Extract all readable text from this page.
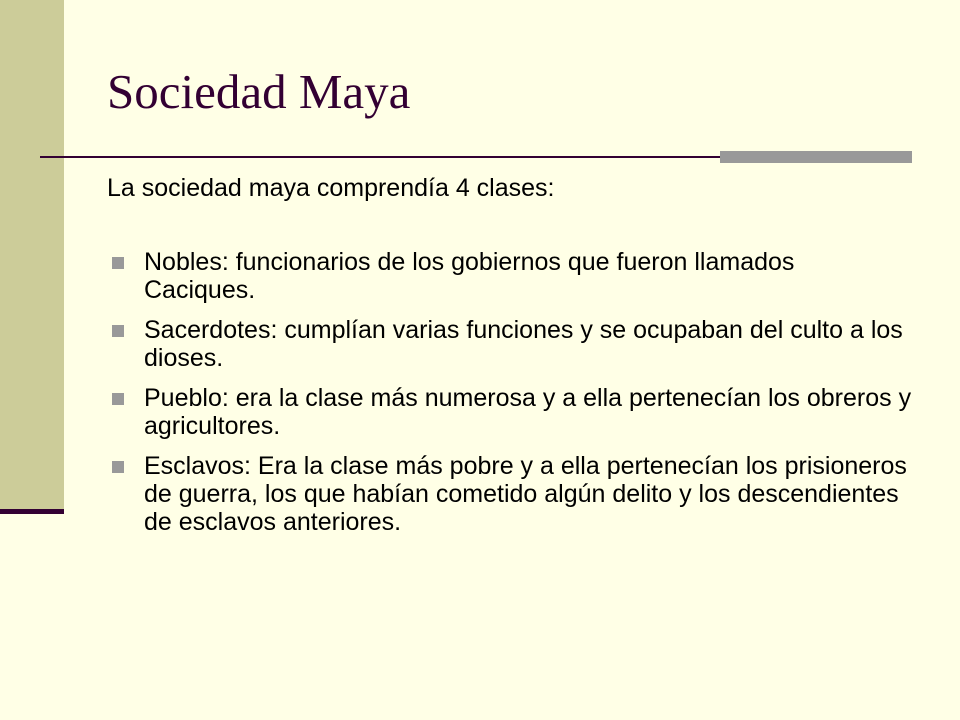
Sociedad Maya
La sociedad maya comprendía 4 clases:
Nobles: funcionarios de los gobiernos que fueron llamados Caciques.
Sacerdotes: cumplían varias funciones y se ocupaban del culto a los dioses.
Pueblo: era la clase más numerosa y a ella pertenecían los obreros y agricultores.
Esclavos: Era la clase más pobre y a ella pertenecían los prisioneros de guerra, los que habían cometido algún delito y los descendientes de esclavos anteriores.
